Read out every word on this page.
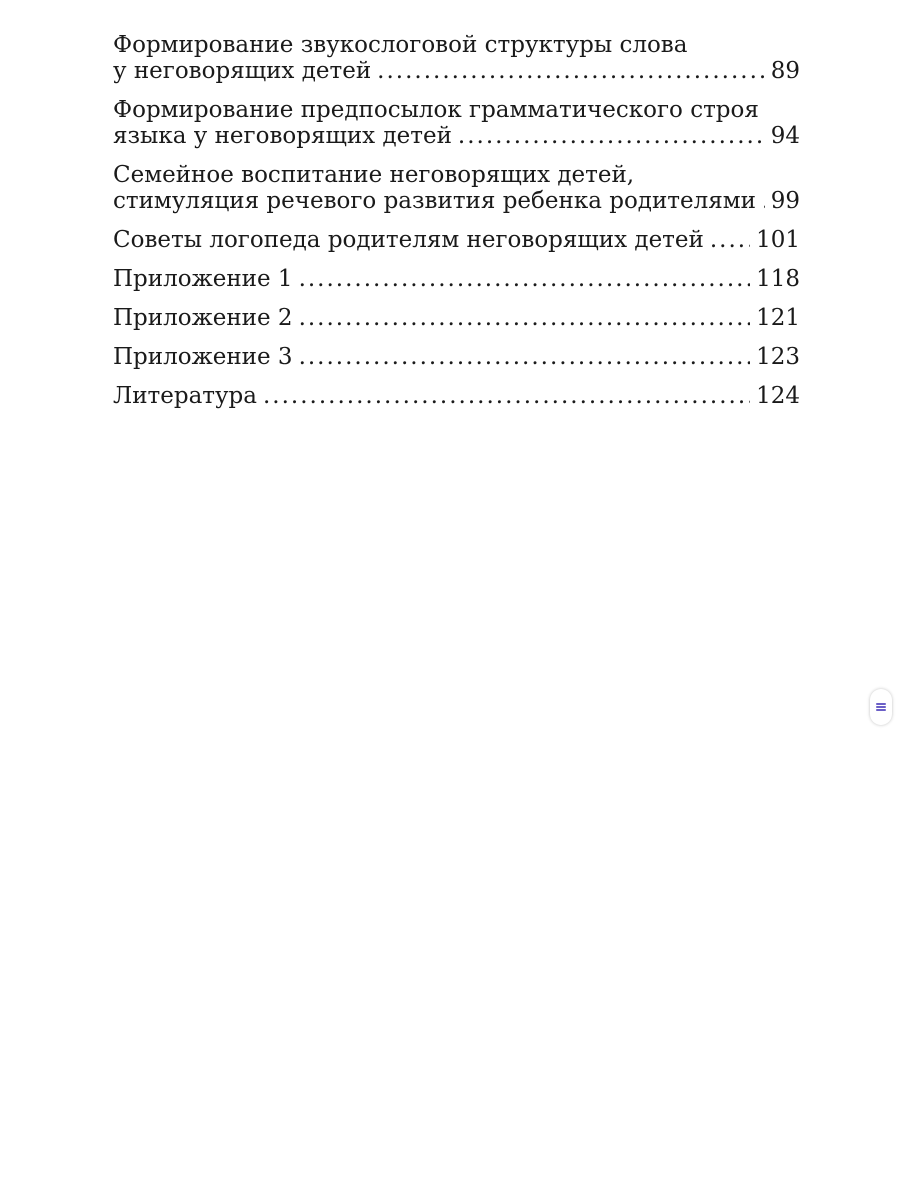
Формирование звукослоговой структуры слова
у неговорящих детей .....	89
Формирование предпосылок грамматического строя
языка у неговорящих детей .....	94
Семейное воспитание неговорящих детей,
стимуляция речевого развития ребенка родителями ..... 99
Советы логопеда родителям неговорящих детей ..... 101
Приложение 1 .....	118
Приложение 2 .....	121
Приложение 3 .....	123
Литература .....	124
